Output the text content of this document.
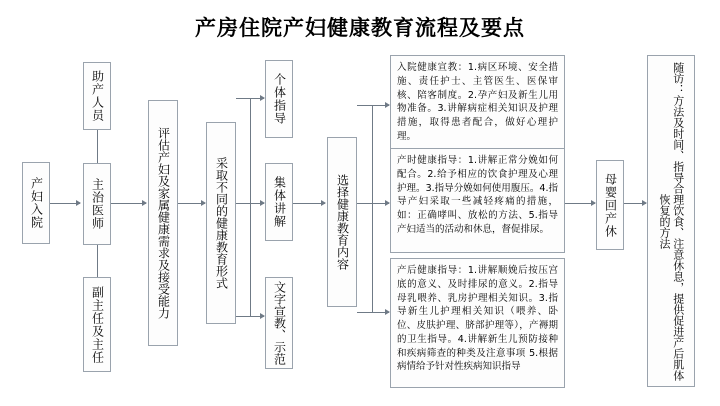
产房住院产妇健康教育流程及要点
产妇入院
助产人员
主治医师
副主任及主任
评估产妇及家属健康需求及接受能力	采取不同的健康教育形式
个体指导
集体讲解
文字宣教、示范
选择健康教育内容
入院健康宣教：1.病区环境、安全措施、责任护士、主管医生、医保审核、陪客制度。2.孕产妇及新生儿用物准备。3.讲解病症相关知识及护理措施，取得患者配合，做好心理护理。
产时健康指导：1.讲解正常分娩如何配合。2.给予相应的饮食护理及心理护理。3.指导分娩如何使用腹压。4.指导产妇采取一些减轻疼痛的措施，如：正确哮叫、放松的方法、5.指导产妇适当的活动和休息，督促排尿。
产后健康指导：1.讲解顺娩后按压宫底的意义、及时排尿的意义。2.指导母乳喂养、乳房护理相关知识。3.指导新生儿护理相关知识（喂养、卧位、皮肤护理、脐部护理等），产褥期的卫生指导。4.讲解新生儿预防接种和疾病筛查的种类及注意事项 5.根据病情给予针对性疾病知识指导
母婴回产休	随访：方法及时间、指导合理饮食、注意休息，提供促进产后肌体恢复的方法
